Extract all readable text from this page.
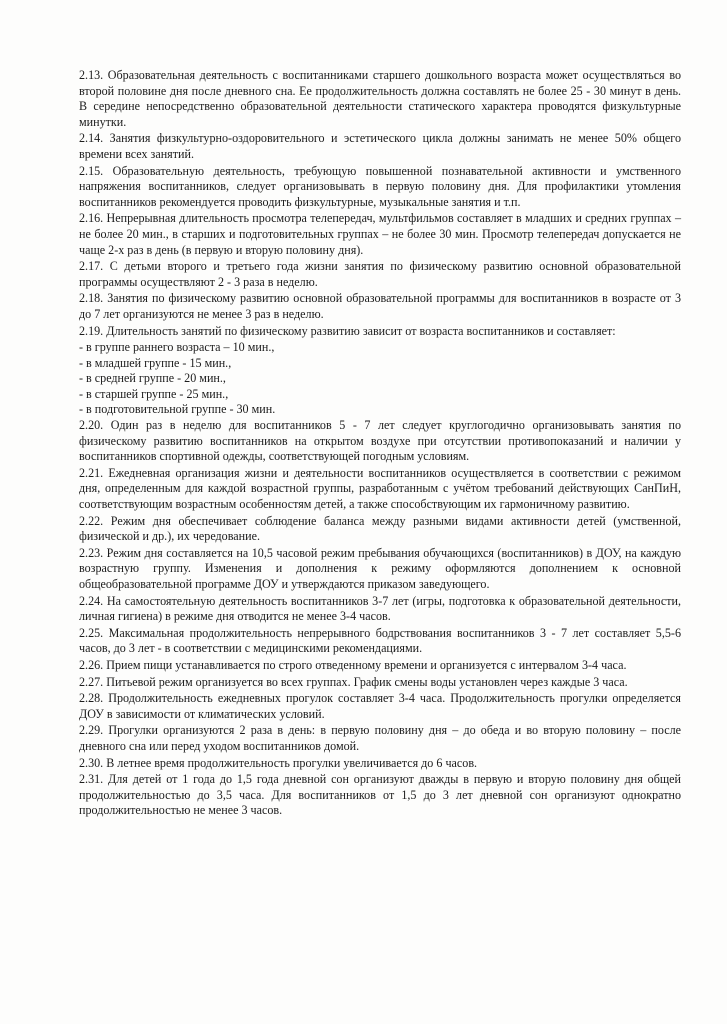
2.13. Образовательная деятельность с воспитанниками старшего дошкольного возраста может осуществляться во второй половине дня после дневного сна. Ее продолжительность должна составлять не более 25 - 30 минут в день. В середине непосредственно образовательной деятельности статического характера проводятся физкультурные минутки.

2.14. Занятия физкультурно-оздоровительного и эстетического цикла должны занимать не менее 50% общего времени всех занятий.

2.15. Образовательную деятельность, требующую повышенной познавательной активности и умственного напряжения воспитанников, следует организовывать в первую половину дня. Для профилактики утомления воспитанников рекомендуется проводить физкультурные, музыкальные занятия и т.п.

2.16. Непрерывная длительность просмотра телепередач, мультфильмов составляет в младших и средних группах – не более 20 мин., в старших и подготовительных группах – не более 30 мин. Просмотр телепередач допускается не чаще 2-х раз в день (в первую и вторую половину дня).

2.17. С детьми второго и третьего года жизни занятия по физическому развитию основной образовательной программы осуществляют 2 - 3 раза в неделю.

2.18. Занятия по физическому развитию основной образовательной программы для воспитанников в возрасте от 3 до 7 лет организуются не менее 3 раз в неделю.

2.19. Длительность занятий по физическому развитию зависит от возраста воспитанников и составляет:

- в группе раннего возраста – 10 мин.,

- в младшей группе - 15 мин.,

- в средней группе - 20 мин.,

- в старшей группе - 25 мин.,

- в подготовительной группе - 30 мин.

2.20. Один раз в неделю для воспитанников 5 - 7 лет следует круглогодично организовывать занятия по физическому развитию воспитанников на открытом воздухе при отсутствии противопоказаний и наличии у воспитанников спортивной одежды, соответствующей погодным условиям.

2.21. Ежедневная организация жизни и деятельности воспитанников осуществляется в соответствии с режимом дня, определенным для каждой возрастной группы, разработанным с учётом требований действующих СанПиН, соответствующим возрастным особенностям детей, а также способствующим их гармоничному развитию.

2.22. Режим дня обеспечивает соблюдение баланса между разными видами активности детей (умственной, физической и др.), их чередование.

2.23. Режим дня составляется на 10,5 часовой режим пребывания обучающихся (воспитанников) в ДОУ, на каждую возрастную группу. Изменения и дополнения к режиму оформляются дополнением к основной общеобразовательной программе ДОУ и утверждаются приказом заведующего.

2.24. На самостоятельную деятельность воспитанников 3-7 лет (игры, подготовка к образовательной деятельности, личная гигиена) в режиме дня отводится не менее 3-4 часов.

2.25. Максимальная продолжительность непрерывного бодрствования воспитанников 3 - 7 лет составляет 5,5-6 часов, до 3 лет - в соответствии с медицинскими рекомендациями.

2.26. Прием пищи устанавливается по строго отведенному времени и организуется с интервалом 3-4 часа.

2.27. Питьевой режим организуется во всех группах. График смены воды установлен через каждые 3 часа.

2.28. Продолжительность ежедневных прогулок составляет 3-4 часа. Продолжительность прогулки определяется ДОУ в зависимости от климатических условий.

2.29. Прогулки организуются 2 раза в день: в первую половину дня – до обеда и во вторую половину – после дневного сна или перед уходом воспитанников домой.

2.30. В летнее время продолжительность прогулки увеличивается до 6 часов.

2.31. Для детей от 1 года до 1,5 года дневной сон организуют дважды в первую и вторую половину дня общей продолжительностью до 3,5 часа. Для воспитанников от 1,5 до 3 лет дневной сон организуют однократно продолжительностью не менее 3 часов.
